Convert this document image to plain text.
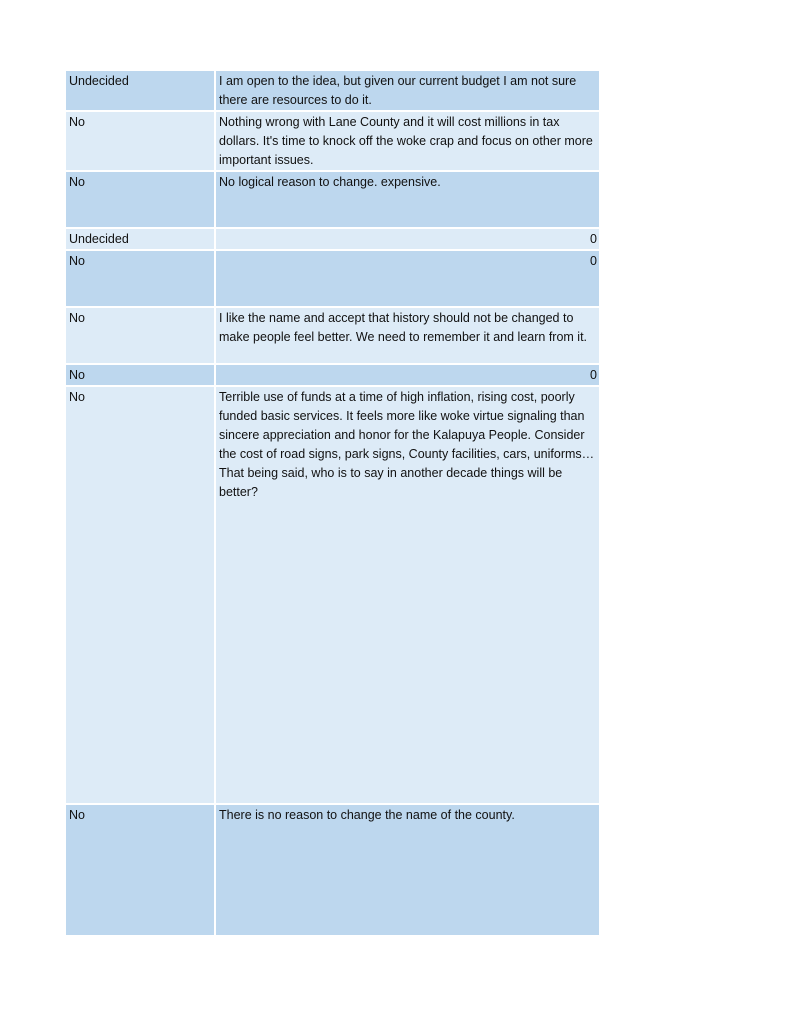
Undecided	I am open to the idea, but given our current budget I am not sure there are resources to do it.
No	Nothing wrong with Lane County and it will cost millions in tax dollars. It's time to knock off the woke crap and focus on other more important issues.
No	No logical reason to change. expensive.
Undecided	0
No	0
No	I like the name and accept that history should not be changed to make people feel better. We need to remember it and learn from it.
No	0
No	Terrible use of funds at a time of high inflation, rising cost, poorly funded basic services. It feels more like woke virtue signaling than sincere appreciation and honor for the Kalapuya People. Consider the cost of road signs, park signs, County facilities, cars, uniforms… That being said, who is to say in another decade things will be better?
No	There is no reason to change the name of the county.
